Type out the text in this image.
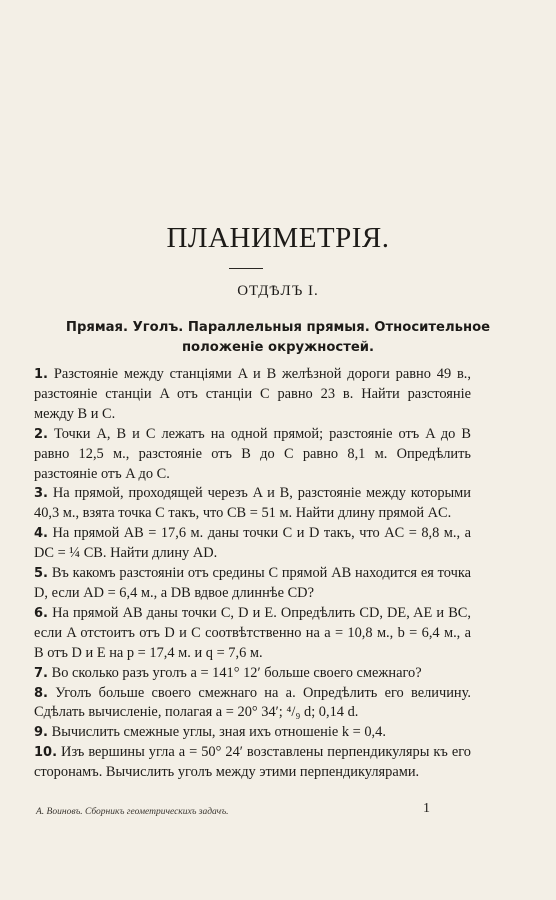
ПЛАНИМЕТРІЯ.
ОТДѢЛЪ I.
Прямая. Уголъ. Параллельныя прямыя. Относительное
положеніе окружностей.

1. Разстояніе между станціями A и B желѣзной дороги равно 49 в., разстояніе станціи A отъ станціи C равно 23 в. Найти разстояніе между B и C.

2. Точки A, B и C лежатъ на одной прямой; разстояніе отъ A до B равно 12,5 м., разстояніе отъ B до C равно 8,1 м. Опредѣлить разстояніе отъ A до C.

3. На прямой, проходящей черезъ A и B, разстояніе между которыми 40,3 м., взята точка C такъ, что CB = 51 м. Найти длину прямой AC.

4. На прямой AB = 17,6 м. даны точки C и D такъ, что AC = 8,8 м., а DC = ¼ CB. Найти длину AD.

5. Въ какомъ разстояніи отъ средины C прямой AB находится ея точка D, если AD = 6,4 м., а DB вдвое длиннѣе CD?

6. На прямой AB даны точки C, D и E. Опредѣлить CD, DE, AE и BC, если A отстоитъ отъ D и C соотвѣтственно на a = 10,8 м., b = 6,4 м., а B отъ D и E на p = 17,4 м. и q = 7,6 м.

7. Во сколько разъ уголъ a = 141° 12′ больше своего смежнаго?

8. Уголъ больше своего смежнаго на a. Опредѣлить его величину. Сдѣлать вычисленіе, полагая a = 20° 34′; ⁴/₉ d; 0,14 d.

9. Вычислить смежные углы, зная ихъ отношеніе k = 0,4.

10. Изъ вершины угла a = 50° 24′ возставлены перпендикуляры къ его сторонамъ. Вычислить уголъ между этими перпендикулярами.

А. Воиновъ. Сборникъ геометрическихъ задачъ.	1
